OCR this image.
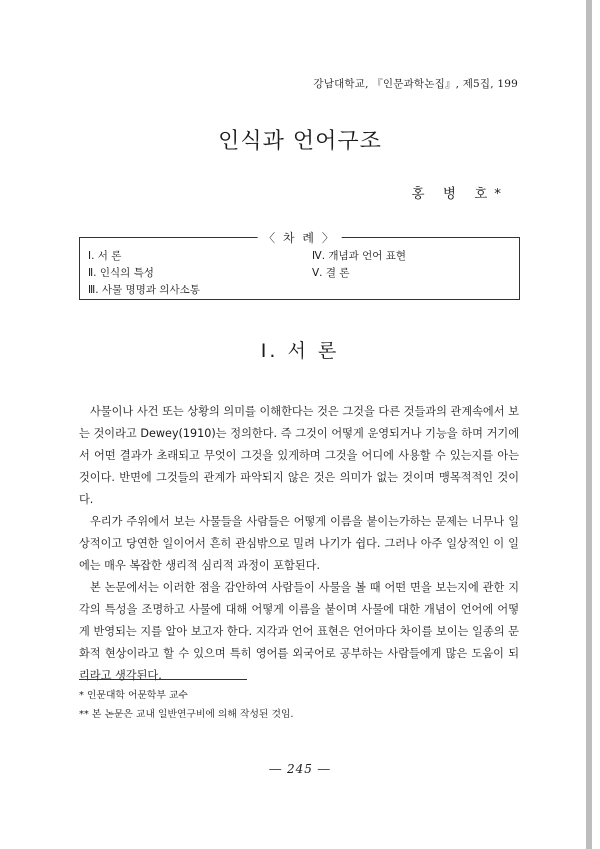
강남대학교, 『인문과학논집』, 제5집, 199
인식과 언어구조
홍 병 호*
〈 차 례 〉
Ⅰ. 서 론
Ⅱ. 인식의 특성
Ⅲ. 사물 명명과 의사소통
Ⅳ. 개념과 언어 표현
Ⅴ. 결 론
Ⅰ. 서 론

사물이나 사건 또는 상황의 의미를 이해한다는 것은 그것을 다른 것들과의 관계속에서 보는 것이라고 Dewey(1910)는 정의한다. 즉 그것이 어떻게 운영되거나 기능을 하며 거기에서 어떤 결과가 초래되고 무엇이 그것을 있게하며 그것을 어디에 사용할 수 있는지를 아는 것이다. 반면에 그것들의 관계가 파악되지 않은 것은 의미가 없는 것이며 맹목적적인 것이다.

우리가 주위에서 보는 사물들을 사람들은 어떻게 이름을 붙이는가하는 문제는 너무나 일상적이고 당연한 일이어서 흔히 관심밖으로 밀려 나기가 쉽다. 그러나 아주 일상적인 이 일에는 매우 복잡한 생리적 심리적 과정이 포함된다.

본 논문에서는 이러한 점을 감안하여 사람들이 사물을 볼 때 어떤 면을 보는지에 관한 지각의 특성을 조명하고 사물에 대해 어떻게 이름을 붙이며 사물에 대한 개념이 언어에 어떻게 반영되는 지를 알아 보고자 한다. 지각과 언어 표현은 언어마다 차이를 보이는 일종의 문화적 현상이라고 할 수 있으며 특히 영어를 외국어로 공부하는 사람들에게 많은 도움이 되리라고 생각된다.

* 인문대학 어문학부 교수
** 본 논문은 교내 일반연구비에 의해 작성된 것임.
― 245 ―
